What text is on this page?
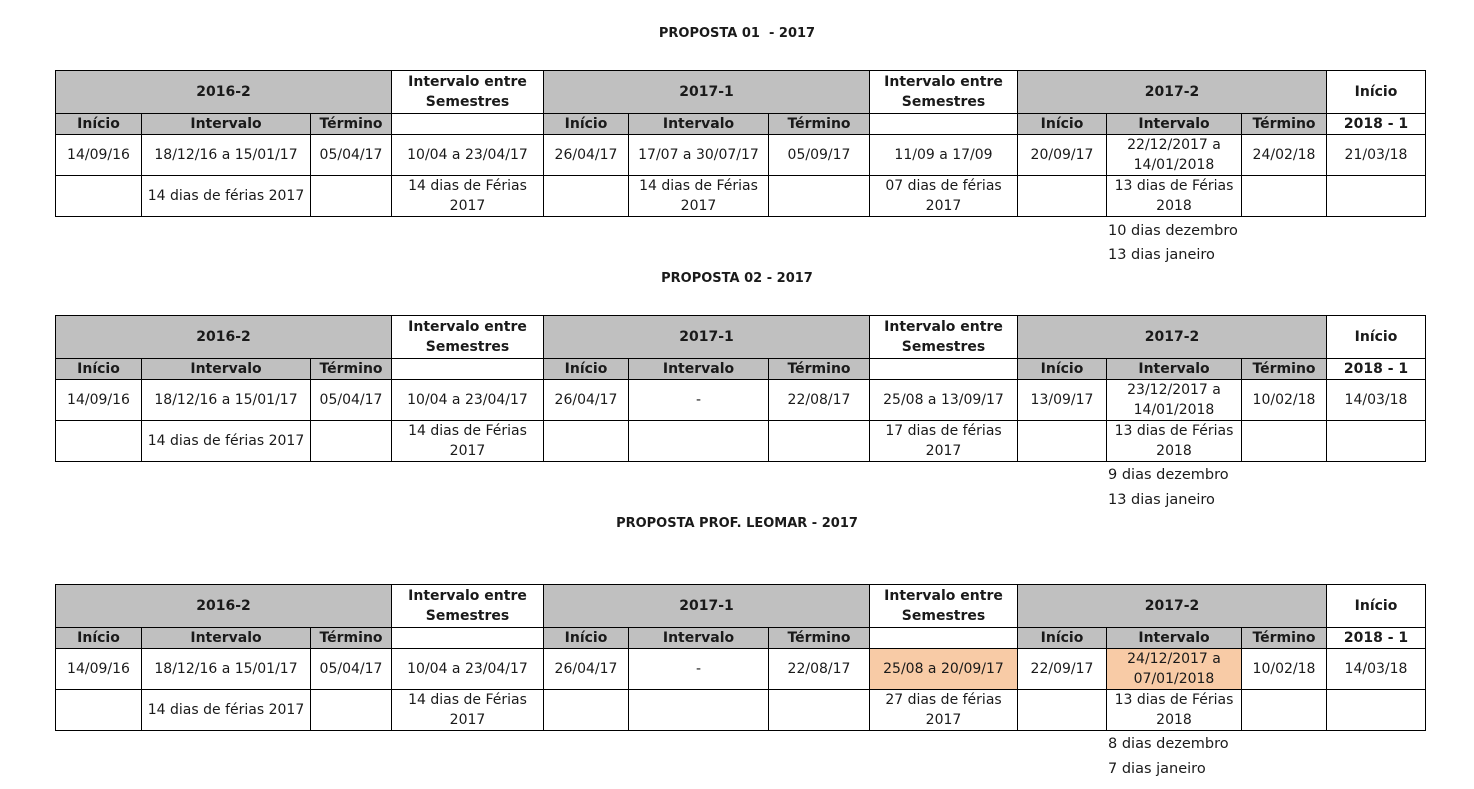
PROPOSTA 01  - 2017
2016-2			Intervalo entre Semestres	2017-1			Intervalo entre Semestres	2017-2			Início
Início	Intervalo	Término		Início	Intervalo	Término		Início	Intervalo	Término	2018 - 1
14/09/16	18/12/16 a 15/01/17	05/04/17	10/04 a 23/04/17	26/04/17	17/07 a 30/07/17	05/09/17	11/09 a 17/09	20/09/17	22/12/2017 a 14/01/2018	24/02/18	21/03/18
	14 dias de férias 2017		14 dias de Férias 2017		14 dias de Férias 2017		07 dias de férias 2017		13 dias de Férias 2018		
10 dias dezembro
13 dias janeiro
PROPOSTA 02 - 2017
2016-2			Intervalo entre Semestres	2017-1			Intervalo entre Semestres	2017-2			Início
Início	Intervalo	Término		Início	Intervalo	Término		Início	Intervalo	Término	2018 - 1
14/09/16	18/12/16 a 15/01/17	05/04/17	10/04 a 23/04/17	26/04/17	-	22/08/17	25/08 a 13/09/17	13/09/17	23/12/2017 a 14/01/2018	10/02/18	14/03/18
	14 dias de férias 2017		14 dias de Férias 2017				17 dias de férias 2017		13 dias de Férias 2018		
9 dias dezembro
13 dias janeiro
PROPOSTA PROF. LEOMAR - 2017
2016-2			Intervalo entre Semestres	2017-1			Intervalo entre Semestres	2017-2			Início
Início	Intervalo	Término		Início	Intervalo	Término		Início	Intervalo	Término	2018 - 1
14/09/16	18/12/16 a 15/01/17	05/04/17	10/04 a 23/04/17	26/04/17	-	22/08/17	25/08 a 20/09/17	22/09/17	24/12/2017 a 07/01/2018	10/02/18	14/03/18
	14 dias de férias 2017		14 dias de Férias 2017				27 dias de férias 2017		13 dias de Férias 2018		
8 dias dezembro
7 dias janeiro
